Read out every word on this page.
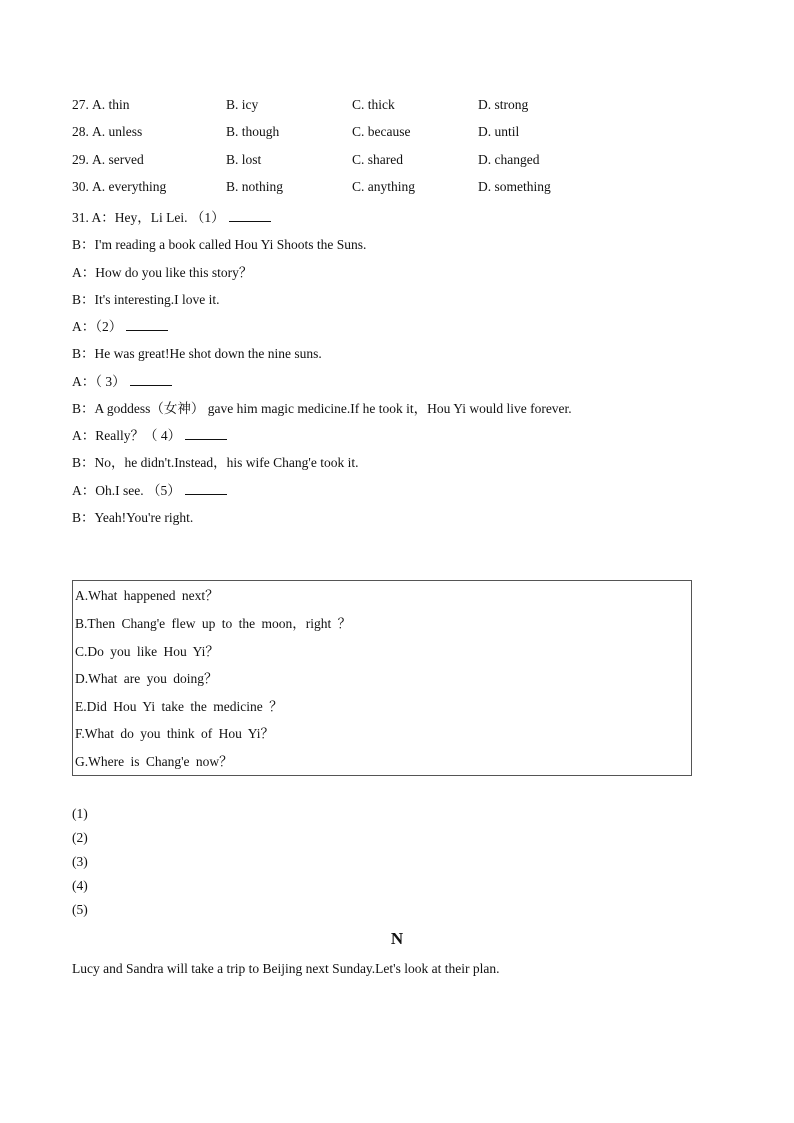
27. A. thin	B. icy	C. thick	D. strong
28. A. unless	B. though	C. because	D. until
29. A. served	B. lost	C. shared	D. changed
30. A. everything	B. nothing	C. anything	D. something
31. A：Hey，Li Lei. （1）
B：I'm reading a book called Hou Yi Shoots the Suns.
A：How do you like this story？
B：It's interesting.I love it.
A：（2）
B：He was great!He shot down the nine suns.
A：（ 3）
B：A goddess（女神） gave him magic medicine.If he took it，Hou Yi would live forever.
A：Really？（ 4）
B：No，he didn't.Instead，his wife Chang'e took it.
A：Oh.I see. （5）
B：Yeah!You're right.
A.What happened next？
B.Then Chang'e flew up to the moon，right ？
C.Do you like Hou Yi？
D.What are you doing？
E.Did Hou Yi take the medicine ？
F.What do you think of Hou Yi？
G.Where is Chang'e now？
(1)
(2)
(3)
(4)
(5)
N
Lucy and Sandra will take a trip to Beijing next Sunday.Let's look at their plan.
